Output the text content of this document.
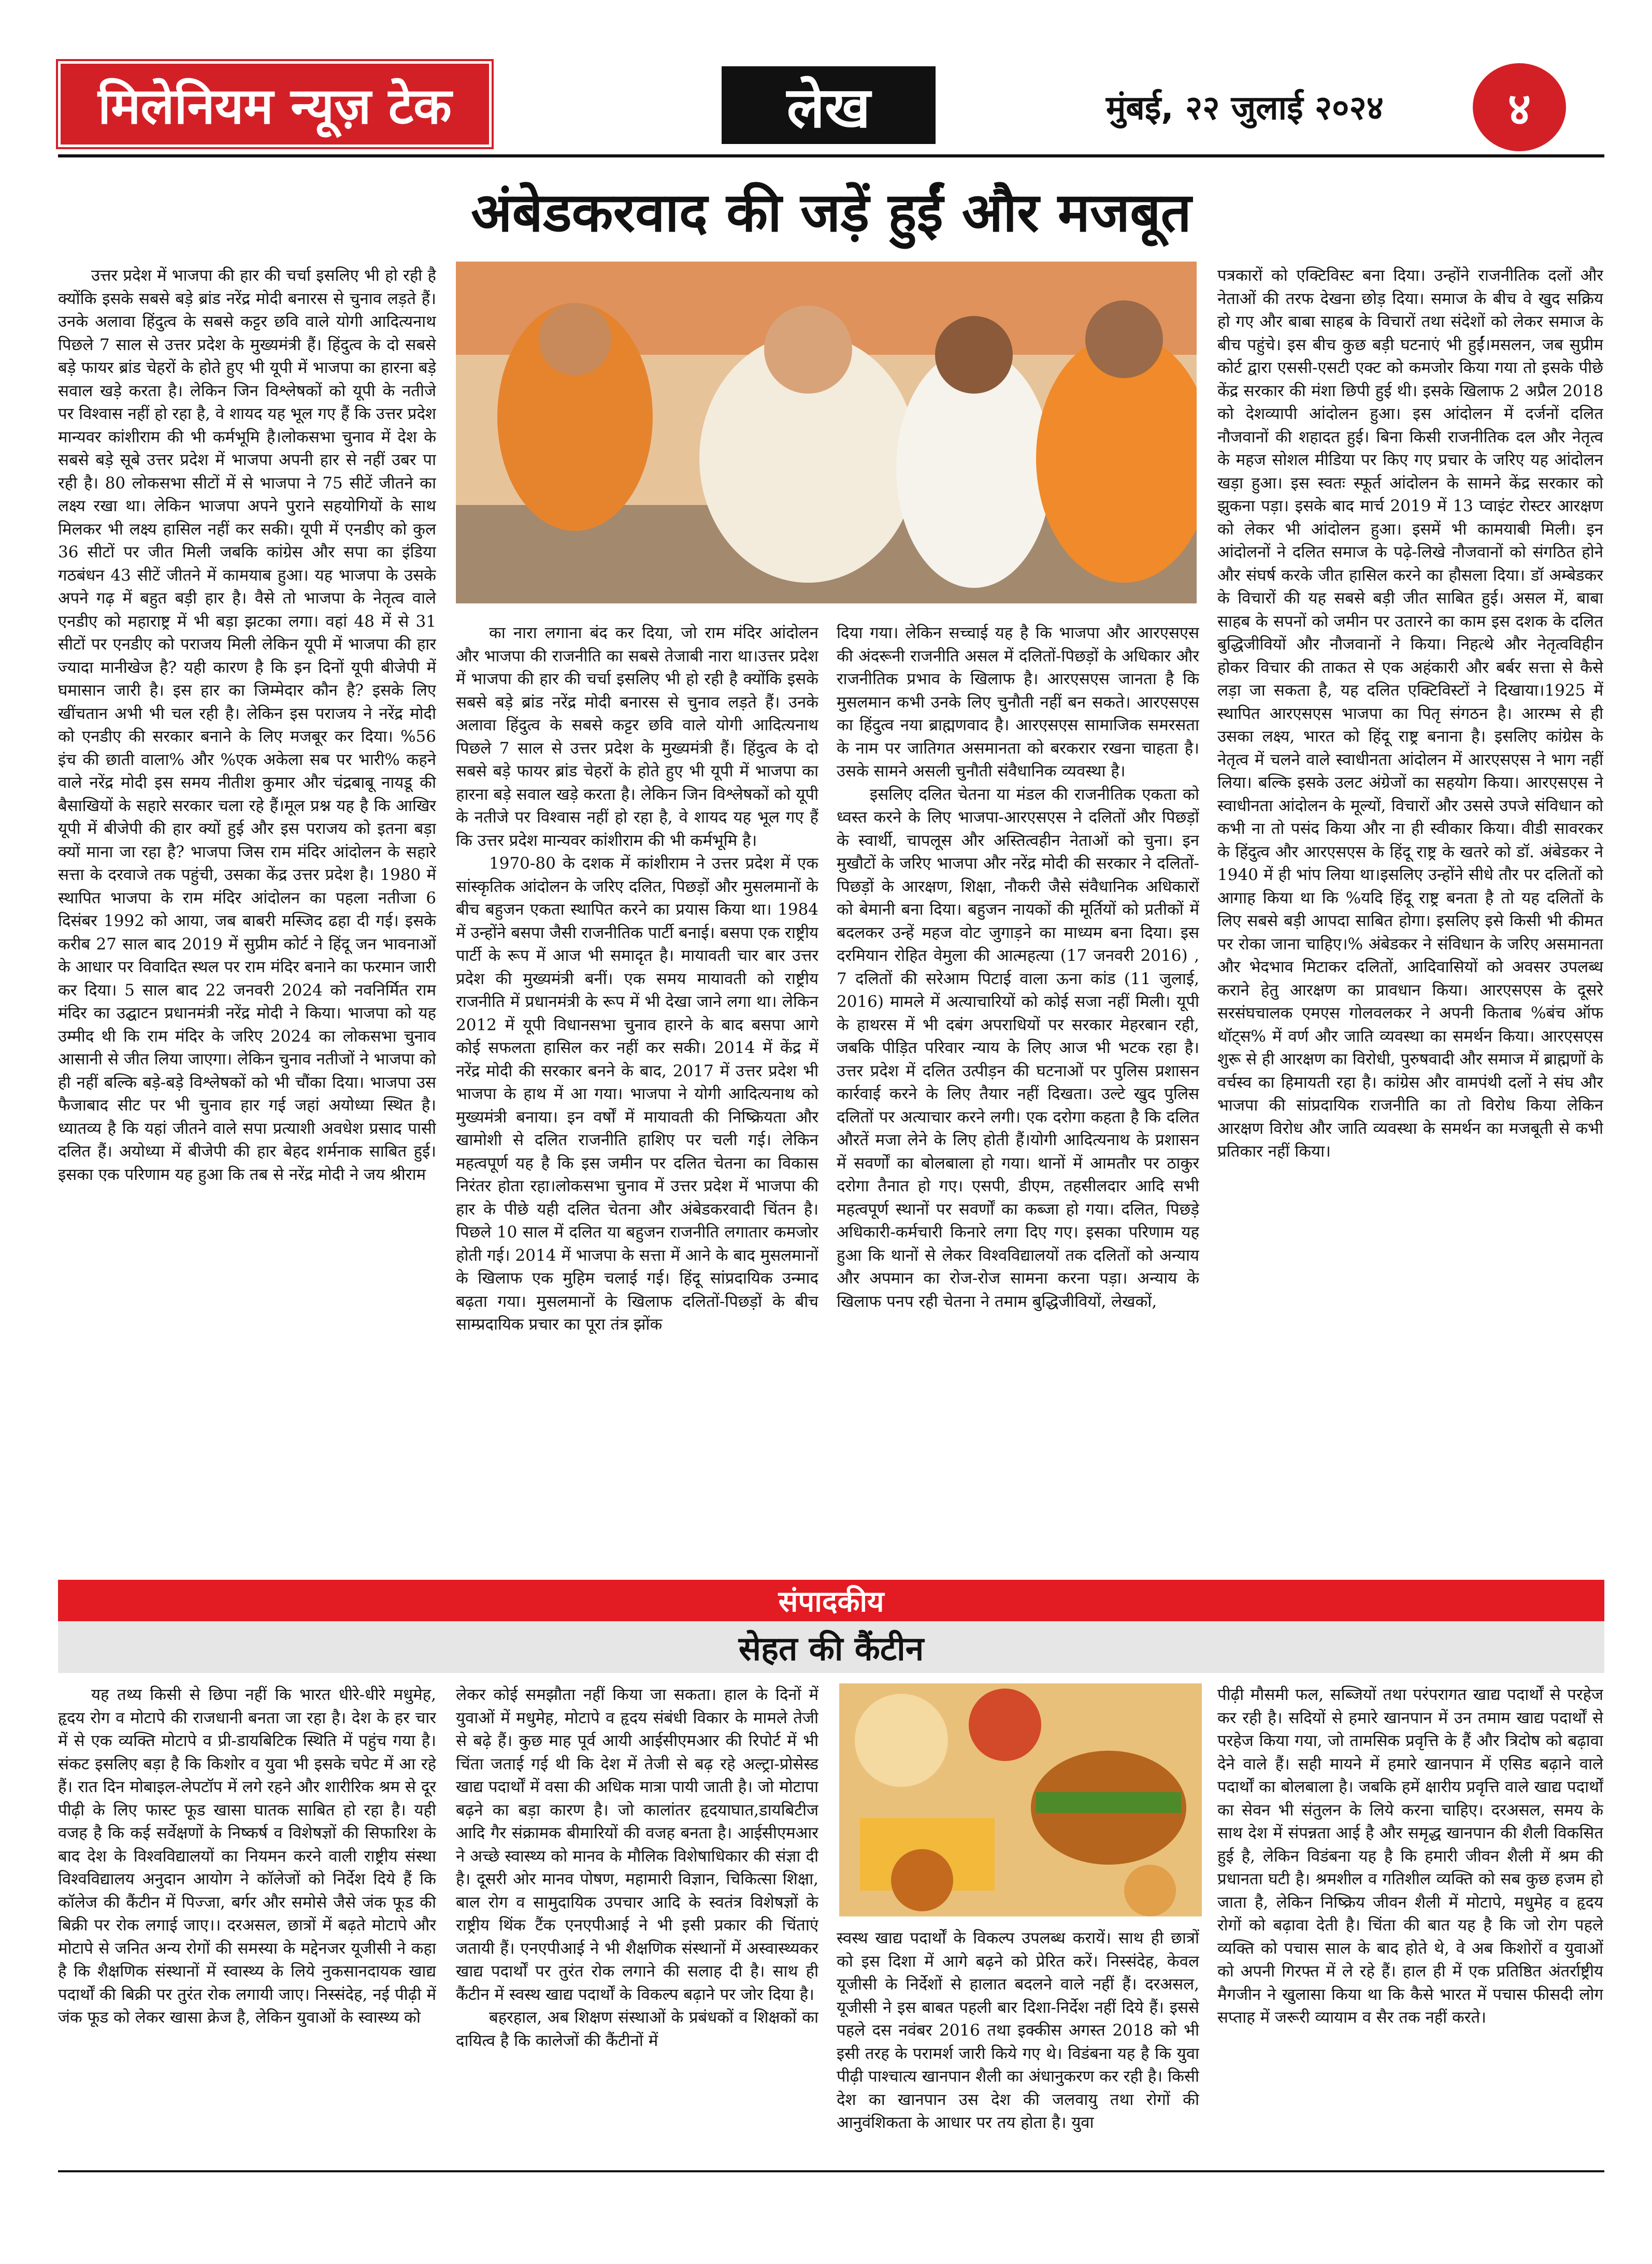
मिलेनियम न्यूज़ टेक	लेख	मुंबई, २२ जुलाई २०२४	४
अंबेडकरवाद की जड़ें हुईं और मजबूत

उत्तर प्रदेश में भाजपा की हार की चर्चा इसलिए भी हो रही है क्योंकि इसके सबसे बड़े ब्रांड नरेंद्र मोदी बनारस से चुनाव लड़ते हैं। उनके अलावा हिंदुत्व के सबसे कट्टर छवि वाले योगी आदित्यनाथ पिछले 7 साल से उत्तर प्रदेश के मुख्यमंत्री हैं। हिंदुत्व के दो सबसे बड़े फायर ब्रांड चेहरों के होते हुए भी यूपी में भाजपा का हारना बड़े सवाल खड़े करता है। लेकिन जिन विश्लेषकों को यूपी के नतीजे पर विश्वास नहीं हो रहा है, वे शायद यह भूल गए हैं कि उत्तर प्रदेश मान्यवर कांशीराम की भी कर्मभूमि है।लोकसभा चुनाव में देश के सबसे बड़े सूबे उत्तर प्रदेश में भाजपा अपनी हार से नहीं उबर पा रही है। 80 लोकसभा सीटों में से भाजपा ने 75 सीटें जीतने का लक्ष्य रखा था। लेकिन भाजपा अपने पुराने सहयोगियों के साथ मिलकर भी लक्ष्य हासिल नहीं कर सकी। यूपी में एनडीए को कुल 36 सीटों पर जीत मिली जबकि कांग्रेस और सपा का इंडिया गठबंधन 43 सीटें जीतने में कामयाब हुआ। यह भाजपा के उसके अपने गढ़ में बहुत बड़ी हार है। वैसे तो भाजपा के नेतृत्व वाले एनडीए को महाराष्ट्र में भी बड़ा झटका लगा। वहां 48 में से 31 सीटों पर एनडीए को पराजय मिली लेकिन यूपी में भाजपा की हार ज्यादा मानीखेज है? यही कारण है कि इन दिनों यूपी बीजेपी में घमासान जारी है। इस हार का जिम्मेदार कौन है? इसके लिए खींचतान अभी भी चल रही है। लेकिन इस पराजय ने नरेंद्र मोदी को एनडीए की सरकार बनाने के लिए मजबूर कर दिया। %56 इंच की छाती वाला% और %एक अकेला सब पर भारी% कहने वाले नरेंद्र मोदी इस समय नीतीश कुमार और चंद्रबाबू नायडू की बैसाखियों के सहारे सरकार चला रहे हैं।मूल प्रश्न यह है कि आखिर यूपी में बीजेपी की हार क्यों हुई और इस पराजय को इतना बड़ा क्यों माना जा रहा है? भाजपा जिस राम मंदिर आंदोलन के सहारे सत्ता के दरवाजे तक पहुंची, उसका केंद्र उत्तर प्रदेश है। 1980 में स्थापित भाजपा के राम मंदिर आंदोलन का पहला नतीजा 6 दिसंबर 1992 को आया, जब बाबरी मस्जिद ढहा दी गई। इसके करीब 27 साल बाद 2019 में सुप्रीम कोर्ट ने हिंदू जन भावनाओं के आधार पर विवादित स्थल पर राम मंदिर बनाने का फरमान जारी कर दिया। 5 साल बाद 22 जनवरी 2024 को नवनिर्मित राम मंदिर का उद्घाटन प्रधानमंत्री नरेंद्र मोदी ने किया। भाजपा को यह उम्मीद थी कि राम मंदिर के जरिए 2024 का लोकसभा चुनाव आसानी से जीत लिया जाएगा। लेकिन चुनाव नतीजों ने भाजपा को ही नहीं बल्कि बड़े-बड़े विश्लेषकों को भी चौंका दिया। भाजपा उस फैजाबाद सीट पर भी चुनाव हार गई जहां अयोध्या स्थित है। ध्यातव्य है कि यहां जीतने वाले सपा प्रत्याशी अवधेश प्रसाद पासी दलित हैं। अयोध्या में बीजेपी की हार बेहद शर्मनाक साबित हुई। इसका एक परिणाम यह हुआ कि तब से नरेंद्र मोदी ने जय श्रीराम

का नारा लगाना बंद कर दिया, जो राम मंदिर आंदोलन और भाजपा की राजनीति का सबसे तेजाबी नारा था।उत्तर प्रदेश में भाजपा की हार की चर्चा इसलिए भी हो रही है क्योंकि इसके सबसे बड़े ब्रांड नरेंद्र मोदी बनारस से चुनाव लड़ते हैं। उनके अलावा हिंदुत्व के सबसे कट्टर छवि वाले योगी आदित्यनाथ पिछले 7 साल से उत्तर प्रदेश के मुख्यमंत्री हैं। हिंदुत्व के दो सबसे बड़े फायर ब्रांड चेहरों के होते हुए भी यूपी में भाजपा का हारना बड़े सवाल खड़े करता है। लेकिन जिन विश्लेषकों को यूपी के नतीजे पर विश्वास नहीं हो रहा है, वे शायद यह भूल गए हैं कि उत्तर प्रदेश मान्यवर कांशीराम की भी कर्मभूमि है।

1970-80 के दशक में कांशीराम ने उत्तर प्रदेश में एक सांस्कृतिक आंदोलन के जरिए दलित, पिछड़ों और मुसलमानों के बीच बहुजन एकता स्थापित करने का प्रयास किया था। 1984 में उन्होंने बसपा जैसी राजनीतिक पार्टी बनाई। बसपा एक राष्ट्रीय पार्टी के रूप में आज भी समादृत है। मायावती चार बार उत्तर प्रदेश की मुख्यमंत्री बनीं। एक समय मायावती को राष्ट्रीय राजनीति में प्रधानमंत्री के रूप में भी देखा जाने लगा था। लेकिन 2012 में यूपी विधानसभा चुनाव हारने के बाद बसपा आगे कोई सफलता हासिल कर नहीं कर सकी। 2014 में केंद्र में नरेंद्र मोदी की सरकार बनने के बाद, 2017 में उत्तर प्रदेश भी भाजपा के हाथ में आ गया। भाजपा ने योगी आदित्यनाथ को मुख्यमंत्री बनाया। इन वर्षों में मायावती की निष्क्रियता और खामोशी से दलित राजनीति हाशिए पर चली गई। लेकिन महत्वपूर्ण यह है कि इस जमीन पर दलित चेतना का विकास निरंतर होता रहा।लोकसभा चुनाव में उत्तर प्रदेश में भाजपा की हार के पीछे यही दलित चेतना और अंबेडकरवादी चिंतन है। पिछले 10 साल में दलित या बहुजन राजनीति लगातार कमजोर होती गई। 2014 में भाजपा के सत्ता में आने के बाद मुसलमानों के खिलाफ एक मुहिम चलाई गई। हिंदू सांप्रदायिक उन्माद बढ़ता गया। मुसलमानों के खिलाफ दलितों-पिछड़ों के बीच साम्प्रदायिक प्रचार का पूरा तंत्र झोंक

दिया गया। लेकिन सच्चाई यह है कि भाजपा और आरएसएस की अंदरूनी राजनीति असल में दलितों-पिछड़ों के अधिकार और राजनीतिक प्रभाव के खिलाफ है। आरएसएस जानता है कि मुसलमान कभी उनके लिए चुनौती नहीं बन सकते। आरएसएस का हिंदुत्व नया ब्राह्मणवाद है। आरएसएस सामाजिक समरसता के नाम पर जातिगत असमानता को बरकरार रखना चाहता है। उसके सामने असली चुनौती संवैधानिक व्यवस्था है।

इसलिए दलित चेतना या मंडल की राजनीतिक एकता को ध्वस्त करने के लिए भाजपा-आरएसएस ने दलितों और पिछड़ों के स्वार्थी, चापलूस और अस्तित्वहीन नेताओं को चुना। इन मुखौटों के जरिए भाजपा और नरेंद्र मोदी की सरकार ने दलितों-पिछड़ों के आरक्षण, शिक्षा, नौकरी जैसे संवैधानिक अधिकारों को बेमानी बना दिया। बहुजन नायकों की मूर्तियों को प्रतीकों में बदलकर उन्हें महज वोट जुगाड़ने का माध्यम बना दिया। इस दरमियान रोहित वेमुला की आत्महत्या (17 जनवरी 2016) , 7 दलितों की सरेआम पिटाई वाला ऊना कांड (11 जुलाई, 2016) मामले में अत्याचारियों को कोई सजा नहीं मिली। यूपी के हाथरस में भी दबंग अपराधियों पर सरकार मेहरबान रही, जबकि पीड़ित परिवार न्याय के लिए आज भी भटक रहा है। उत्तर प्रदेश में दलित उत्पीड़न की घटनाओं पर पुलिस प्रशासन कार्रवाई करने के लिए तैयार नहीं दिखता। उल्टे खुद पुलिस दलितों पर अत्याचार करने लगी। एक दरोगा कहता है कि दलित औरतें मजा लेने के लिए होती हैं।योगी आदित्यनाथ के प्रशासन में सवर्णों का बोलबाला हो गया। थानों में आमतौर पर ठाकुर दरोगा तैनात हो गए। एसपी, डीएम, तहसीलदार आदि सभी महत्वपूर्ण स्थानों पर सवर्णों का कब्जा हो गया। दलित, पिछड़े अधिकारी-कर्मचारी किनारे लगा दिए गए। इसका परिणाम यह हुआ कि थानों से लेकर विश्वविद्यालयों तक दलितों को अन्याय और अपमान का रोज-रोज सामना करना पड़ा। अन्याय के खिलाफ पनप रही चेतना ने तमाम बुद्धिजीवियों, लेखकों,

पत्रकारों को एक्टिविस्ट बना दिया। उन्होंने राजनीतिक दलों और नेताओं की तरफ देखना छोड़ दिया। समाज के बीच वे खुद सक्रिय हो गए और बाबा साहब के विचारों तथा संदेशों को लेकर समाज के बीच पहुंचे। इस बीच कुछ बड़ी घटनाएं भी हुईं।मसलन, जब सुप्रीम कोर्ट द्वारा एससी-एसटी एक्ट को कमजोर किया गया तो इसके पीछे केंद्र सरकार की मंशा छिपी हुई थी। इसके खिलाफ 2 अप्रैल 2018 को देशव्यापी आंदोलन हुआ। इस आंदोलन में दर्जनों दलित नौजवानों की शहादत हुई। बिना किसी राजनीतिक दल और नेतृत्व के महज सोशल मीडिया पर किए गए प्रचार के जरिए यह आंदोलन खड़ा हुआ। इस स्वतः स्फूर्त आंदोलन के सामने केंद्र सरकार को झुकना पड़ा। इसके बाद मार्च 2019 में 13 प्वाइंट रोस्टर आरक्षण को लेकर भी आंदोलन हुआ। इसमें भी कामयाबी मिली। इन आंदोलनों ने दलित समाज के पढ़े-लिखे नौजवानों को संगठित होने और संघर्ष करके जीत हासिल करने का हौसला दिया। डॉ अम्बेडकर के विचारों की यह सबसे बड़ी जीत साबित हुई। असल में, बाबा साहब के सपनों को जमीन पर उतारने का काम इस दशक के दलित बुद्धिजीवियों और नौजवानों ने किया। निहत्थे और नेतृत्वविहीन होकर विचार की ताकत से एक अहंकारी और बर्बर सत्ता से कैसे लड़ा जा सकता है, यह दलित एक्टिविस्टों ने दिखाया।1925 में स्थापित आरएसएस भाजपा का पितृ संगठन है। आरम्भ से ही उसका लक्ष्य, भारत को हिंदू राष्ट्र बनाना है। इसलिए कांग्रेस के नेतृत्व में चलने वाले स्वाधीनता आंदोलन में आरएसएस ने भाग नहीं लिया। बल्कि इसके उलट अंग्रेजों का सहयोग किया। आरएसएस ने स्वाधीनता आंदोलन के मूल्यों, विचारों और उससे उपजे संविधान को कभी ना तो पसंद किया और ना ही स्वीकार किया। वीडी सावरकर के हिंदुत्व और आरएसएस के हिंदू राष्ट्र के खतरे को डॉ. अंबेडकर ने 1940 में ही भांप लिया था।इसलिए उन्होंने सीधे तौर पर दलितों को आगाह किया था कि %यदि हिंदू राष्ट्र बनता है तो यह दलितों के लिए सबसे बड़ी आपदा साबित होगा। इसलिए इसे किसी भी कीमत पर रोका जाना चाहिए।% अंबेडकर ने संविधान के जरिए असमानता और भेदभाव मिटाकर दलितों, आदिवासियों को अवसर उपलब्ध कराने हेतु आरक्षण का प्रावधान किया। आरएसएस के दूसरे सरसंघचालक एमएस गोलवलकर ने अपनी किताब %बंच ऑफ थॉट्स% में वर्ण और जाति व्यवस्था का समर्थन किया। आरएसएस शुरू से ही आरक्षण का विरोधी, पुरुषवादी और समाज में ब्राह्मणों के वर्चस्व का हिमायती रहा है। कांग्रेस और वामपंथी दलों ने संघ और भाजपा की सांप्रदायिक राजनीति का तो विरोध किया लेकिन आरक्षण विरोध और जाति व्यवस्था के समर्थन का मजबूती से कभी प्रतिकार नहीं किया।

संपादकीय
सेहत की कैंटीन

यह तथ्य किसी से छिपा नहीं कि भारत धीरे-धीरे मधुमेह, हृदय रोग व मोटापे की राजधानी बनता जा रहा है। देश के हर चार में से एक व्यक्ति मोटापे व प्री-डायबिटिक स्थिति में पहुंच गया है। संकट इसलिए बड़ा है कि किशोर व युवा भी इसके चपेट में आ रहे हैं। रात दिन मोबाइल-लेपटॉप में लगे रहने और शारीरिक श्रम से दूर पीढ़ी के लिए फास्ट फूड खासा घातक साबित हो रहा है। यही वजह है कि कई सर्वेक्षणों के निष्कर्ष व विशेषज्ञों की सिफारिश के बाद देश के विश्वविद्यालयों का नियमन करने वाली राष्ट्रीय संस्था विश्वविद्यालय अनुदान आयोग ने कॉलेजों को निर्देश दिये हैं कि कॉलेज की कैंटीन में पिज्जा, बर्गर और समोसे जैसे जंक फूड की बिक्री पर रोक लगाई जाए।। दरअसल, छात्रों में बढ़ते मोटापे और मोटापे से जनित अन्य रोगों की समस्या के मद्देनजर यूजीसी ने कहा है कि शैक्षणिक संस्थानों में स्वास्थ्य के लिये नुकसानदायक खाद्य पदार्थों की बिक्री पर तुरंत रोक लगायी जाए। निस्संदेह, नई पीढ़ी में जंक फूड को लेकर खासा क्रेज है, लेकिन युवाओं के स्वास्थ्य को

लेकर कोई समझौता नहीं किया जा सकता। हाल के दिनों में युवाओं में मधुमेह, मोटापे व हृदय संबंधी विकार के मामले तेजी से बढ़े हैं। कुछ माह पूर्व आयी आईसीएमआर की रिपोर्ट में भी चिंता जताई गई थी कि देश में तेजी से बढ़ रहे अल्ट्रा-प्रोसेस्ड खाद्य पदार्थों में वसा की अधिक मात्रा पायी जाती है। जो मोटापा बढ़ने का बड़ा कारण है। जो कालांतर हृदयाघात,डायबिटीज आदि गैर संक्रामक बीमारियों की वजह बनता है। आईसीएमआर ने अच्छे स्वास्थ्य को मानव के मौलिक विशेषाधिकार की संज्ञा दी है। दूसरी ओर मानव पोषण, महामारी विज्ञान, चिकित्सा शिक्षा, बाल रोग व सामुदायिक उपचार आदि के स्वतंत्र विशेषज्ञों के राष्ट्रीय थिंक टैंक एनएपीआई ने भी इसी प्रकार की चिंताएं जतायी हैं। एनएपीआई ने भी शैक्षणिक संस्थानों में अस्वास्थ्यकर खाद्य पदार्थों पर तुरंत रोक लगाने की सलाह दी है। साथ ही कैंटीन में स्वस्थ खाद्य पदार्थों के विकल्प बढ़ाने पर जोर दिया है।

बहरहाल, अब शिक्षण संस्थाओं के प्रबंधकों व शिक्षकों का दायित्व है कि कालेजों की कैंटीनों में

स्वस्थ खाद्य पदार्थों के विकल्प उपलब्ध करायें। साथ ही छात्रों को इस दिशा में आगे बढ़ने को प्रेरित करें। निस्संदेह, केवल यूजीसी के निर्देशों से हालात बदलने वाले नहीं हैं। दरअसल, यूजीसी ने इस बाबत पहली बार दिशा-निर्देश नहीं दिये हैं। इससे पहले दस नवंबर 2016 तथा इक्कीस अगस्त 2018 को भी इसी तरह के परामर्श जारी किये गए थे। विडंबना यह है कि युवा पीढ़ी पाश्चात्य खानपान शैली का अंधानुकरण कर रही है। किसी देश का खानपान उस देश की जलवायु तथा रोगों की आनुवंशिकता के आधार पर तय होता है। युवा

पीढ़ी मौसमी फल, सब्जियों तथा परंपरागत खाद्य पदार्थों से परहेज कर रही है। सदियों से हमारे खानपान में उन तमाम खाद्य पदार्थों से परहेज किया गया, जो तामसिक प्रवृत्ति के हैं और त्रिदोष को बढ़ावा देने वाले हैं। सही मायने में हमारे खानपान में एसिड बढ़ाने वाले पदार्थों का बोलबाला है। जबकि हमें क्षारीय प्रवृत्ति वाले खाद्य पदार्थों का सेवन भी संतुलन के लिये करना चाहिए। दरअसल, समय के साथ देश में संपन्नता आई है और समृद्ध खानपान की शैली विकसित हुई है, लेकिन विडंबना यह है कि हमारी जीवन शैली में श्रम की प्रधानता घटी है। श्रमशील व गतिशील व्यक्ति को सब कुछ हजम हो जाता है, लेकिन निष्क्रिय जीवन शैली में मोटापे, मधुमेह व हृदय रोगों को बढ़ावा देती है। चिंता की बात यह है कि जो रोग पहले व्यक्ति को पचास साल के बाद होते थे, वे अब किशोरों व युवाओं को अपनी गिरफ्त में ले रहे हैं। हाल ही में एक प्रतिष्ठित अंतर्राष्ट्रीय मैगजीन ने खुलासा किया था कि कैसे भारत में पचास फीसदी लोग सप्ताह में जरूरी व्यायाम व सैर तक नहीं करते।
